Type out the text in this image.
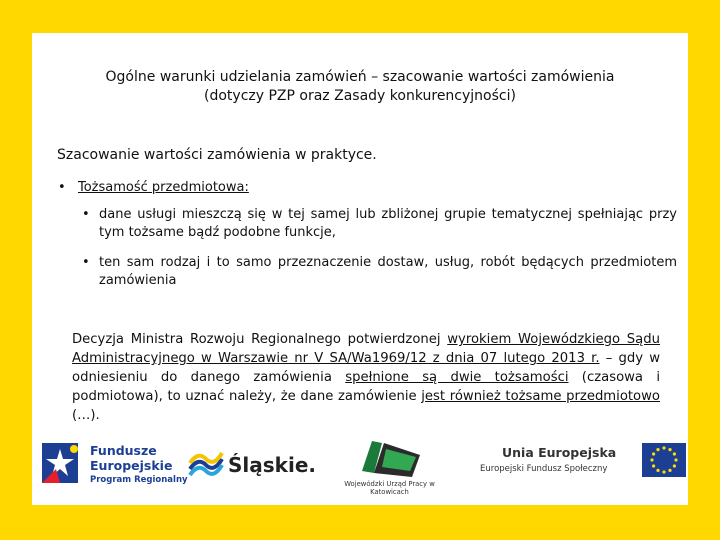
Ogólne warunki udzielania zamówień – szacowanie wartości zamówienia
(dotyczy PZP oraz Zasady konkurencyjności)

Szacowanie wartości zamówienia w praktyce.

• Tożsamość przedmiotowa:
• dane usługi mieszczą się w tej samej lub zbliżonej grupie tematycznej spełniając przy tym tożsame bądź podobne funkcje,
• ten sam rodzaj i to samo przeznaczenie dostaw, usług, robót będących przedmiotem zamówienia
Decyzja Ministra Rozwoju Regionalnego potwierdzonej wyrokiem Wojewódzkiego Sądu Administracyjnego w Warszawie nr V SA/Wa1969/12 z dnia 07 lutego 2013 r. – gdy w odniesieniu do danego zamówienia spełnione są dwie tożsamości (czasowa i podmiotowa), to uznać należy, że dane zamówienie jest również tożsame przedmiotowo (…).
Fundusze
Europejskie
Program Regionalny
Śląskie.
Wojewódzki Urząd Pracy w Katowicach
Unia Europejska
Europejski Fundusz Społeczny
